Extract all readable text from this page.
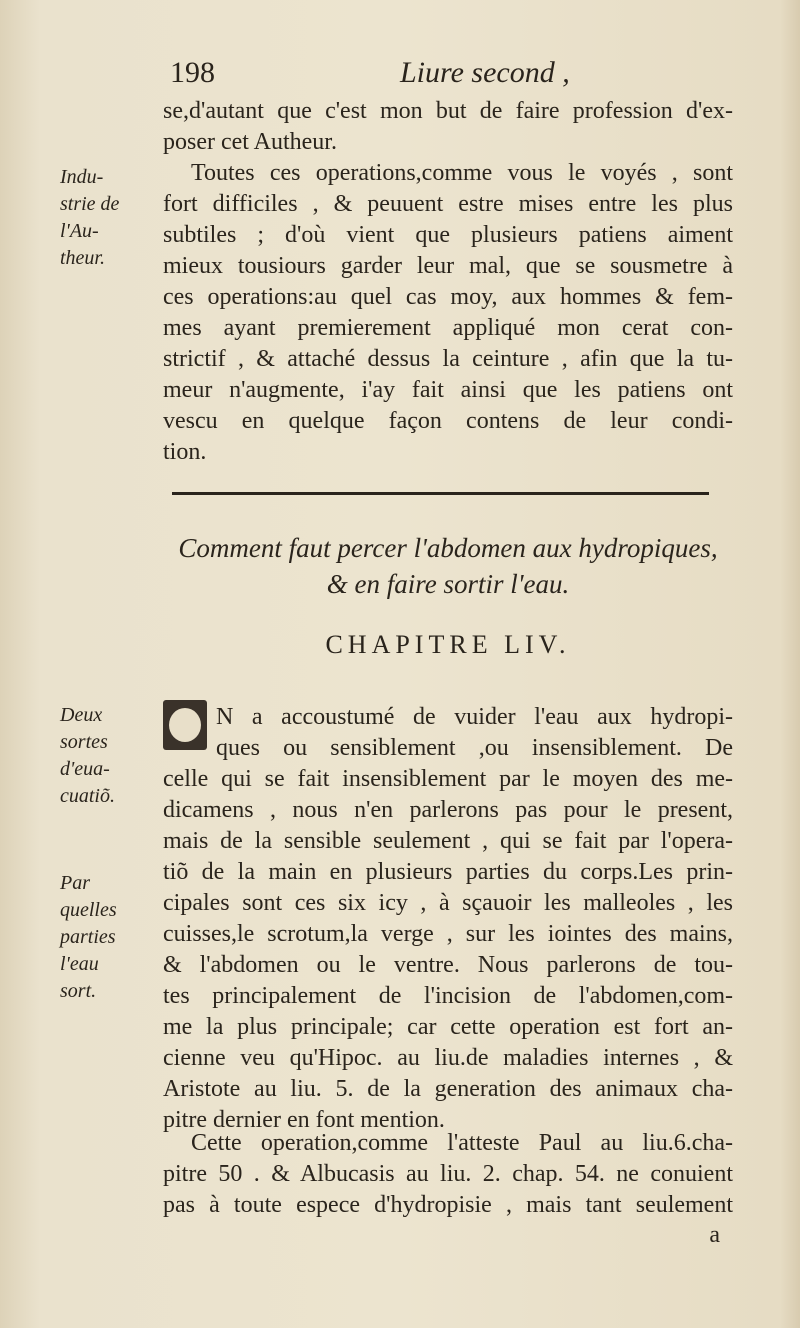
198	Liure second ,
se,d'autant que c'est mon but de faire profession d'ex-
poser cet Autheur.
Indu-
strie de
l'Au-
theur.
Toutes ces operations,comme vous le voyés , sont
fort difficiles , & peuuent estre mises entre les plus
subtiles ; d'où vient que plusieurs patiens aiment
mieux tousiours garder leur mal, que se sousmetre à
ces operations:au quel cas moy, aux hommes & fem-
mes ayant premierement appliqué mon cerat con-
strictif , & attaché dessus la ceinture , afin que la tu-
meur n'augmente, i'ay fait ainsi que les patiens ont
vescu en quelque façon contens de leur condi-
tion.
Comment faut percer l'abdomen aux hydropiques,
& en faire sortir l'eau.
CHAPITRE LIV.
Deux
sortes
d'euа-
cuatiõ.
Par
quelles
parties
l'eau
sort.
N a accoustumé de vuider l'eau aux hydropi-
ques ou sensiblement ,ou insensiblement. De
celle qui se fait insensiblement par le moyen des me-
dicamens , nous n'en parlerons pas pour le present,
mais de la sensible seulement , qui se fait par l'opera-
tiõ de la main en plusieurs parties du corps.Les prin-
cipales sont ces six icy , à sçauoir les malleoles , les
cuisses,le scrotum,la verge , sur les iointes des mains,
& l'abdomen ou le ventre. Nous parlerons de tou-
tes principalement de l'incision de l'abdomen,com-
me la plus principale; car cette operation est fort an-
cienne veu qu'Hipoc. au liu.de maladies internes , &
Aristote au liu. 5. de la generation des animaux cha-
pitre dernier en font mention.
Cette operation,comme l'atteste Paul au liu.6.cha-
pitre 50 . & Albucasis au liu. 2. chap. 54. ne conuient
pas à toute espece d'hydropisie , mais tant seulement
a
